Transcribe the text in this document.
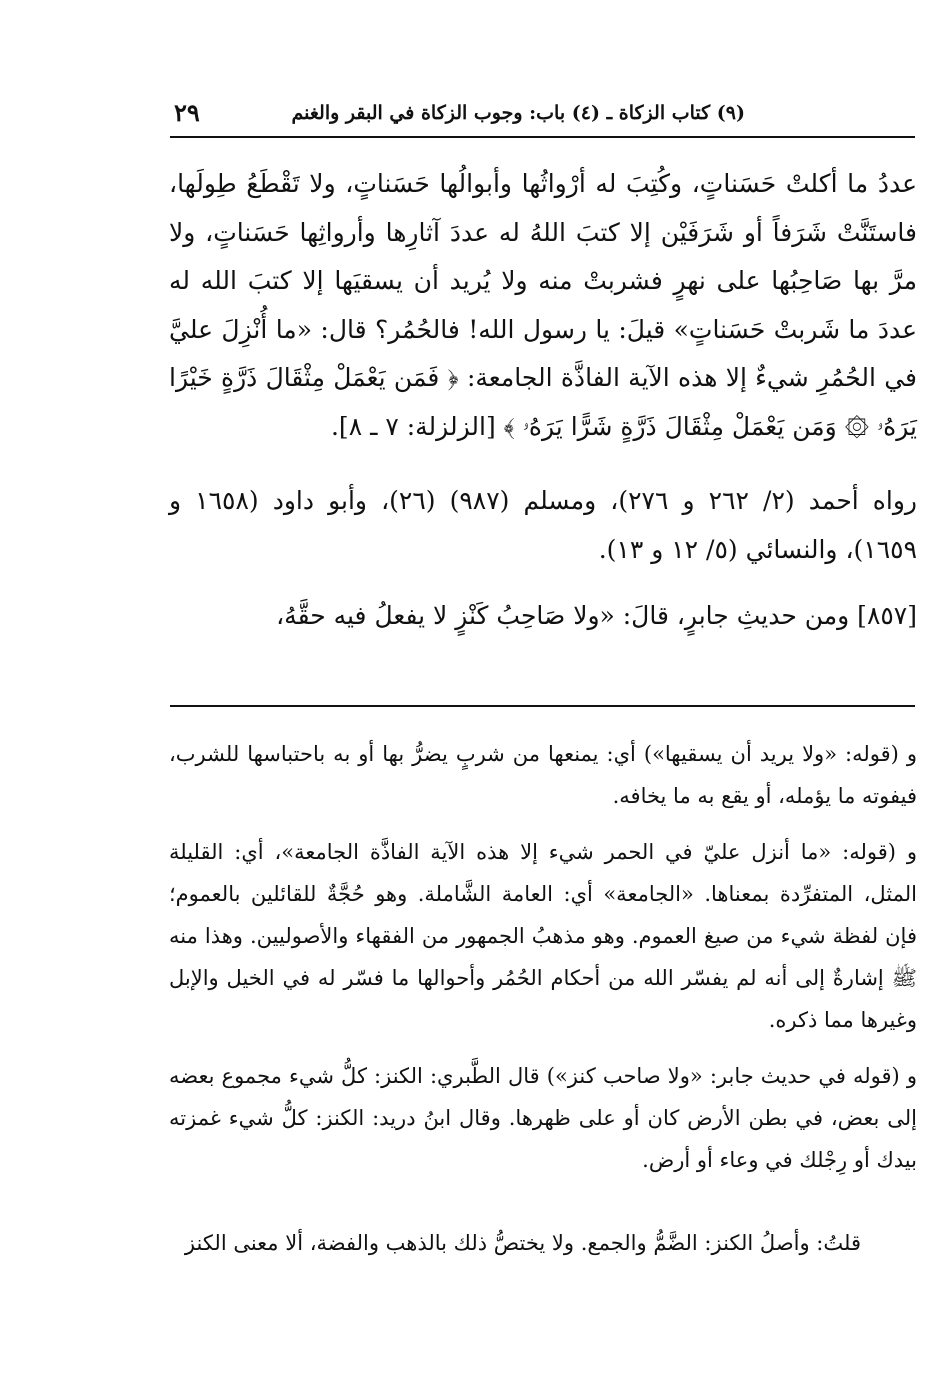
(٩) كتاب الزكاة ـ (٤) باب: وجوب الزكاة في البقر والغنم
٢٩

عددُ ما أكلتْ حَسَناتٍ، وكُتِبَ له أرْواثُها وأبوالُها حَسَناتٍ، ولا تَقْطَعُ طِولَها، فاستَنَّتْ شَرَفاً أو شَرَفَيْن إلا كتبَ اللهُ له عددَ آثارِها وأرواثِها حَسَناتٍ، ولا مرَّ بها صَاحِبُها على نهرٍ فشربتْ منه ولا يُريد أن يسقيَها إلا كتبَ الله له عددَ ما شَربتْ حَسَناتٍ» قيلَ: يا رسول الله! فالحُمُر؟ قال: «ما أُنْزِلَ عليَّ في الحُمُرِ شيءٌ إلا هذه الآية الفاذَّة الجامعة: ﴿ فَمَن يَعْمَلْ مِثْقَالَ ذَرَّةٍ خَيْرًا يَرَهُۥ ۞ وَمَن يَعْمَلْ مِثْقَالَ ذَرَّةٍ شَرًّا يَرَهُۥ ﴾ [الزلزلة: ٧ ـ ٨].

رواه أحمد (٢/ ٢٦٢ و ٢٧٦)، ومسلم (٩٨٧) (٢٦)، وأبو داود (١٦٥٨ و ١٦٥٩)، والنسائي (٥/ ١٢ و ١٣).

[٨٥٧] ومن حديثِ جابرٍ، قالَ: «ولا صَاحِبُ كَنْزٍ لا يفعلُ فيه حقَّهُ،

و (قوله: «ولا يريد أن يسقيها») أي: يمنعها من شربٍ يضرُّ بها أو به باحتباسها للشرب، فيفوته ما يؤمله، أو يقع به ما يخافه.

و (قوله: «ما أنزل عليّ في الحمر شيء إلا هذه الآية الفاذَّة الجامعة»، أي: القليلة المثل، المتفرِّدة بمعناها. «الجامعة» أي: العامة الشَّاملة. وهو حُجَّةٌ للقائلين بالعموم؛ فإن لفظة شيء من صيغ العموم. وهو مذهبُ الجمهور من الفقهاء والأصوليين. وهذا منه ﷺ إشارةٌ إلى أنه لم يفسّر الله من أحكام الحُمُر وأحوالها ما فسّر له في الخيل والإبل وغيرها مما ذكره.

و (قوله في حديث جابر: «ولا صاحب كنز») قال الطَّبري: الكنز: كلُّ شيء مجموع بعضه إلى بعض، في بطن الأرض كان أو على ظهرها. وقال ابنُ دريد: الكنز: كلُّ شيء غمزته بيدك أو رِجْلك في وعاء أو أرض.

قلتُ: وأصلُ الكنز: الضَّمُّ والجمع. ولا يختصُّ ذلك بالذهب والفضة، ألا معنى الكنز
